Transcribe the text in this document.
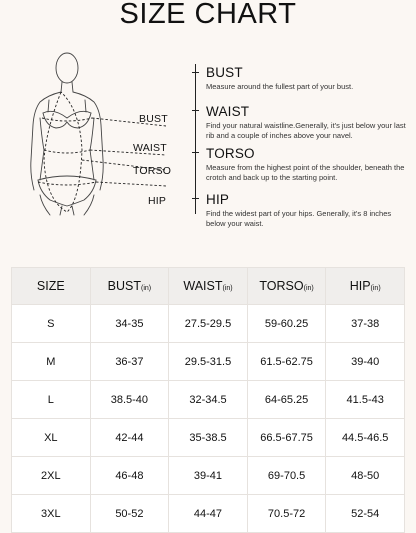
SIZE CHART
BUST
WAIST
TORSO
HIP
BUST
Measure around the fullest part of your bust.
WAIST
Find your natural waistline.Generally, it's just below your last rib and a couple of inches above your navel.
TORSO
Measure from the highest point of the shoulder, beneath the crotch and back up to the starting point.
HIP
Find the widest part of your hips. Generally, it's 8 inches below your waist.
SIZE	BUST(in)	WAIST(in)	TORSO(in)	HIP(in)
S	34-35	27.5-29.5	59-60.25	37-38
M	36-37	29.5-31.5	61.5-62.75	39-40
L	38.5-40	32-34.5	64-65.25	41.5-43
XL	42-44	35-38.5	66.5-67.75	44.5-46.5
2XL	46-48	39-41	69-70.5	48-50
3XL	50-52	44-47	70.5-72	52-54
